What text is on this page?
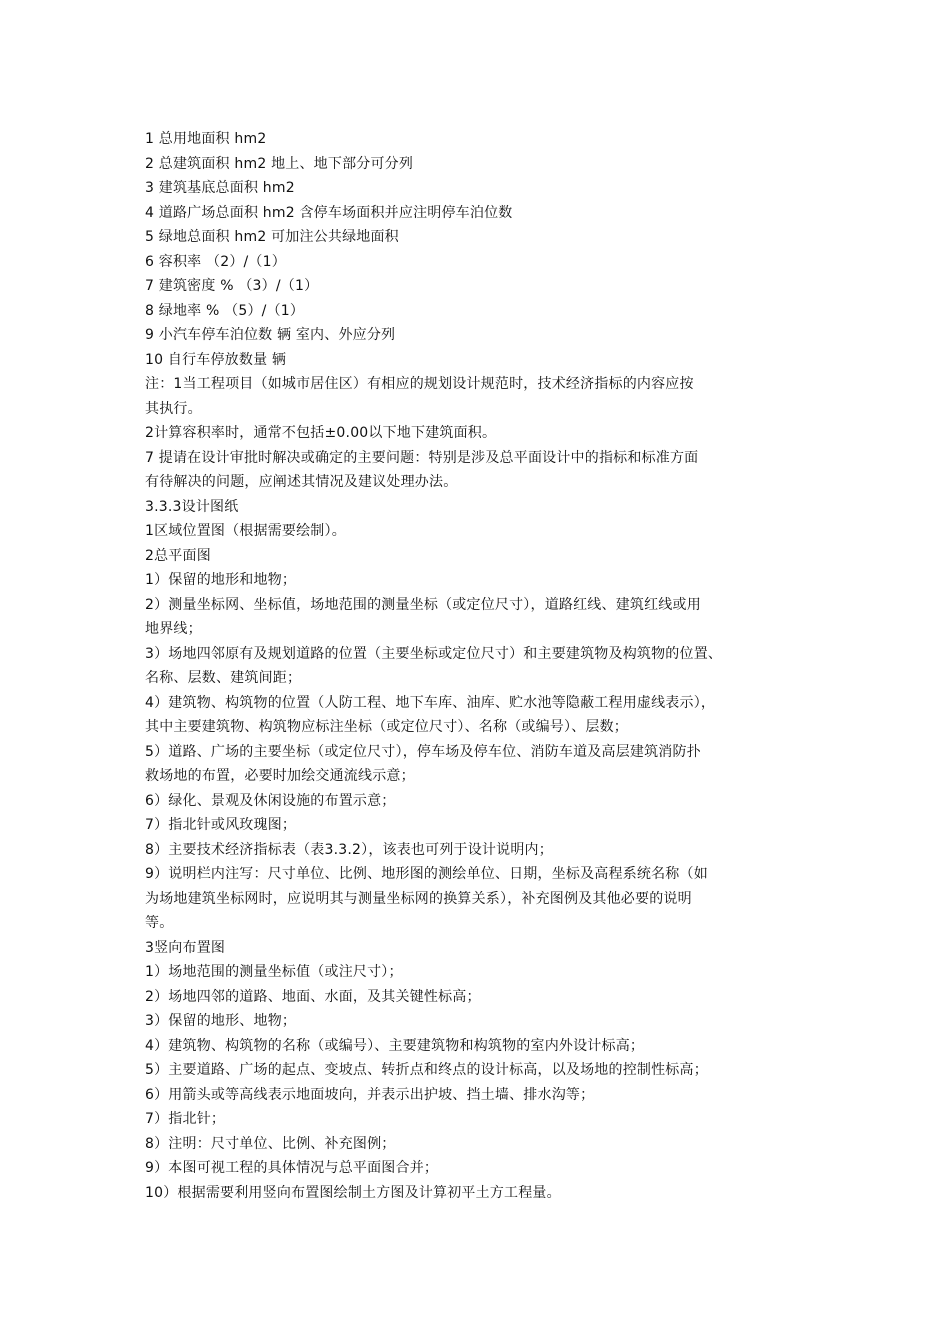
1 总用地面积 hm2
2 总建筑面积 hm2 地上、地下部分可分列
3 建筑基底总面积 hm2
4 道路广场总面积 hm2 含停车场面积并应注明停车泊位数
5 绿地总面积 hm2 可加注公共绿地面积
6 容积率 （2）/（1）
7 建筑密度 % （3）/（1）
8 绿地率 % （5）/（1）
9 小汽车停车泊位数 辆 室内、外应分列
10 自行车停放数量 辆
注：1当工程项目（如城市居住区）有相应的规划设计规范时，技术经济指标的内容应按
其执行。
2计算容积率时，通常不包括±0.00以下地下建筑面积。
7 提请在设计审批时解决或确定的主要问题：特别是涉及总平面设计中的指标和标准方面
有待解决的问题，应阐述其情况及建议处理办法。
3.3.3设计图纸
1区域位置图（根据需要绘制）。
2总平面图
1）保留的地形和地物；
2）测量坐标网、坐标值，场地范围的测量坐标（或定位尺寸），道路红线、建筑红线或用
地界线；
3）场地四邻原有及规划道路的位置（主要坐标或定位尺寸）和主要建筑物及构筑物的位置、
名称、层数、建筑间距；
4）建筑物、构筑物的位置（人防工程、地下车库、油库、贮水池等隐蔽工程用虚线表示），
其中主要建筑物、构筑物应标注坐标（或定位尺寸）、名称（或编号）、层数；
5）道路、广场的主要坐标（或定位尺寸），停车场及停车位、消防车道及高层建筑消防扑
救场地的布置，必要时加绘交通流线示意；
6）绿化、景观及休闲设施的布置示意；
7）指北针或风玫瑰图；
8）主要技术经济指标表（表3.3.2），该表也可列于设计说明内；
9）说明栏内注写：尺寸单位、比例、地形图的测绘单位、日期，坐标及高程系统名称（如
为场地建筑坐标网时，应说明其与测量坐标网的换算关系），补充图例及其他必要的说明
等。
3竖向布置图
1）场地范围的测量坐标值（或注尺寸）；
2）场地四邻的道路、地面、水面，及其关键性标高；
3）保留的地形、地物；
4）建筑物、构筑物的名称（或编号）、主要建筑物和构筑物的室内外设计标高；
5）主要道路、广场的起点、变坡点、转折点和终点的设计标高，以及场地的控制性标高；
6）用箭头或等高线表示地面坡向，并表示出护坡、挡土墙、排水沟等；
7）指北针；
8）注明：尺寸单位、比例、补充图例；
9）本图可视工程的具体情况与总平面图合并；
10）根据需要利用竖向布置图绘制土方图及计算初平土方工程量。
